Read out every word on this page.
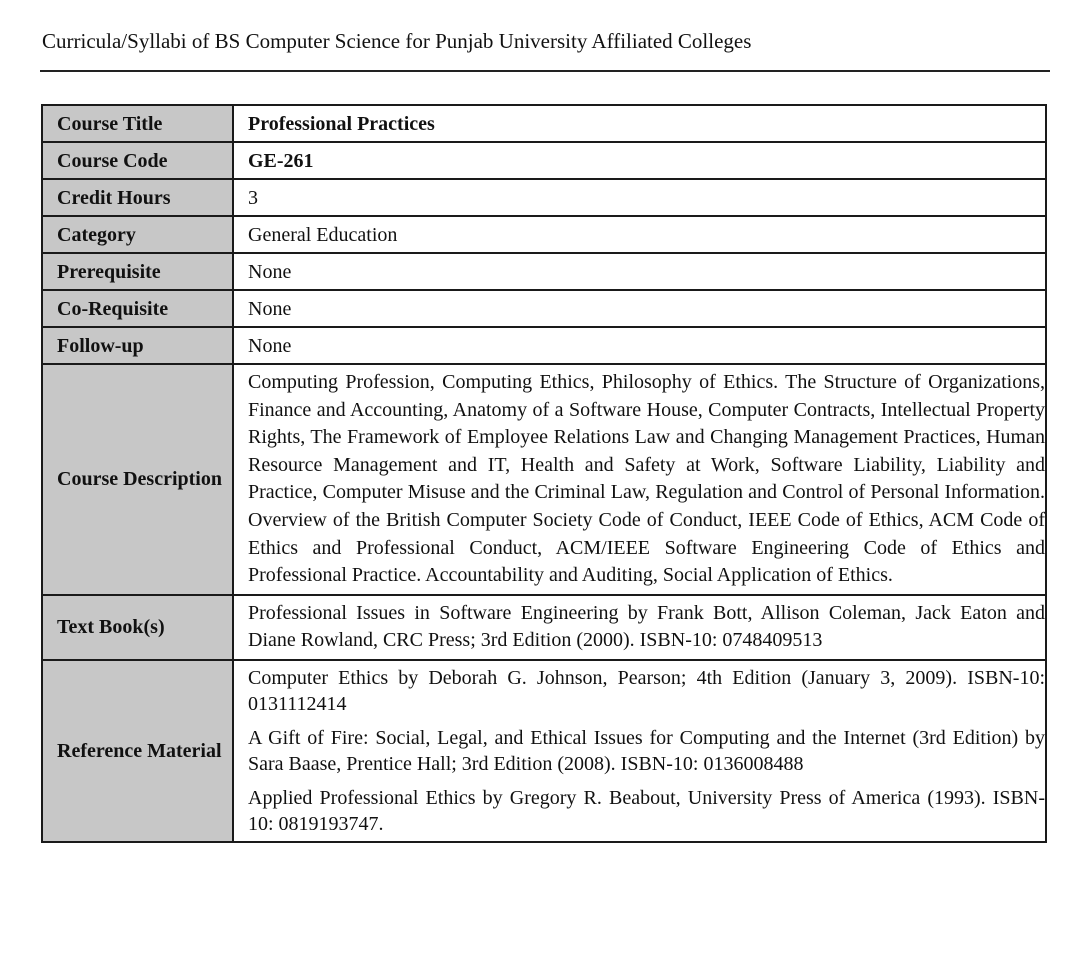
Curricula/Syllabi of BS Computer Science for Punjab University Affiliated Colleges
Course Title	Professional Practices
Course Code	GE-261
Credit Hours	3
Category	General Education
Prerequisite	None
Co-Requisite	None
Follow-up	None
Course Description	Computing Profession, Computing Ethics, Philosophy of Ethics. The Structure of Organizations, Finance and Accounting, Anatomy of a Software House, Computer Contracts, Intellectual Property Rights, The Framework of Employee Relations Law and Changing Management Practices, Human Resource Management and IT, Health and Safety at Work, Software Liability, Liability and Practice, Computer Misuse and the Criminal Law, Regulation and Control of Personal Information. Overview of the British Computer Society Code of Conduct, IEEE Code of Ethics, ACM Code of Ethics and Professional Conduct, ACM/IEEE Software Engineering Code of Ethics and Professional Practice. Accountability and Auditing, Social Application of Ethics.

Text Book(s)	Professional Issues in Software Engineering by Frank Bott, Allison Coleman, Jack Eaton and Diane Rowland, CRC Press; 3rd Edition (2000). ISBN-10: 0748409513

Reference Material	Computer Ethics by Deborah G. Johnson, Pearson; 4th Edition (January 3, 2009). ISBN-10: 0131112414

A Gift of Fire: Social, Legal, and Ethical Issues for Computing and the Internet (3rd Edition) by Sara Baase, Prentice Hall; 3rd Edition (2008). ISBN-10: 0136008488

Applied Professional Ethics by Gregory R. Beabout, University Press of America (1993). ISBN-10: 0819193747.
